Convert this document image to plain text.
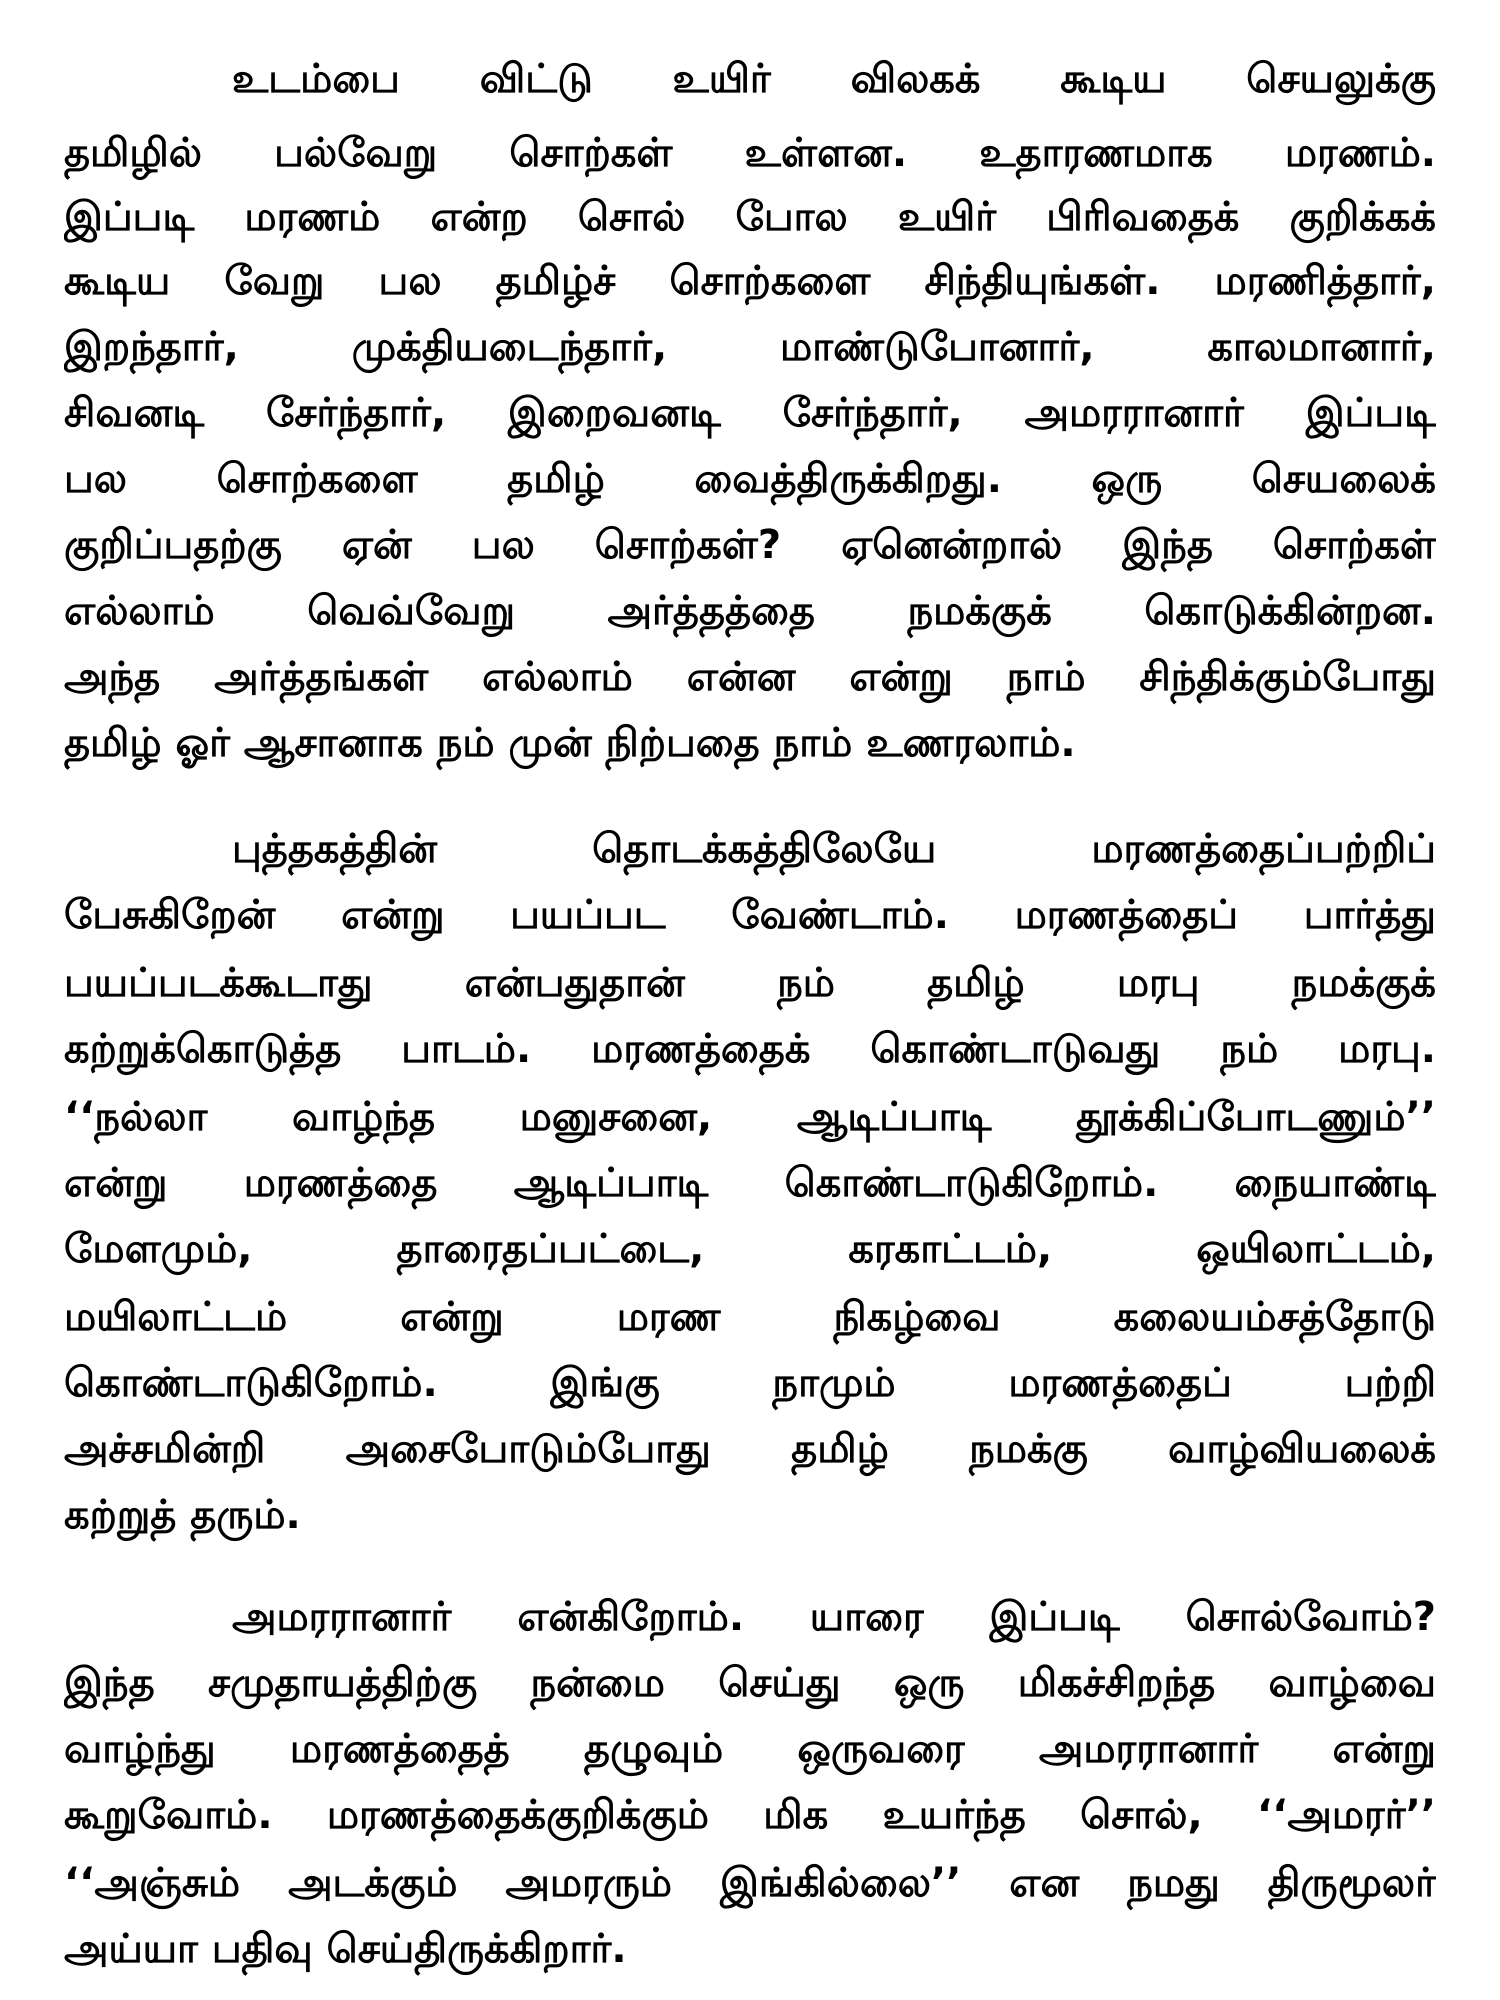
உடம்பை விட்டு உயிர் விலகக் கூடிய செயலுக்கு
தமிழில் பல்வேறு சொற்கள் உள்ளன. உதாரணமாக மரணம்.
இப்படி மரணம் என்ற சொல் போல உயிர் பிரிவதைக் குறிக்கக்
கூடிய வேறு பல தமிழ்ச் சொற்களை சிந்தியுங்கள். மரணித்தார்,
இறந்தார், முக்தியடைந்தார், மாண்டுபோனார், காலமானார்,
சிவனடி சேர்ந்தார், இறைவனடி சேர்ந்தார், அமரரானார் இப்படி
பல சொற்களை தமிழ் வைத்திருக்கிறது. ஒரு செயலைக்
குறிப்பதற்கு ஏன் பல சொற்கள்? ஏனென்றால் இந்த சொற்கள்
எல்லாம் வெவ்வேறு அர்த்தத்தை நமக்குக் கொடுக்கின்றன.
அந்த அர்த்தங்கள் எல்லாம் என்ன என்று நாம் சிந்திக்கும்போது
தமிழ் ஓர் ஆசானாக நம் முன் நிற்பதை நாம் உணரலாம்.
புத்தகத்தின் தொடக்கத்திலேயே மரணத்தைப்பற்றிப்
பேசுகிறேன் என்று பயப்பட வேண்டாம். மரணத்தைப் பார்த்து
பயப்படக்கூடாது என்பதுதான் நம் தமிழ் மரபு நமக்குக்
கற்றுக்கொடுத்த பாடம். மரணத்தைக் கொண்டாடுவது நம் மரபு.
‘‘நல்லா வாழ்ந்த மனுசனை, ஆடிப்பாடி தூக்கிப்போடணும்’’
என்று மரணத்தை ஆடிப்பாடி கொண்டாடுகிறோம். நையாண்டி
மேளமும், தாரைதப்பட்டை, கரகாட்டம், ஒயிலாட்டம்,
மயிலாட்டம் என்று மரண நிகழ்வை கலையம்சத்தோடு
கொண்டாடுகிறோம். இங்கு நாமும் மரணத்தைப் பற்றி
அச்சமின்றி அசைபோடும்போது தமிழ் நமக்கு வாழ்வியலைக்
கற்றுத் தரும்.
அமரரானார் என்கிறோம். யாரை இப்படி சொல்வோம்?
இந்த சமுதாயத்திற்கு நன்மை செய்து ஒரு மிகச்சிறந்த வாழ்வை
வாழ்ந்து மரணத்தைத் தழுவும் ஒருவரை அமரரானார் என்று
கூறுவோம். மரணத்தைக்குறிக்கும் மிக உயர்ந்த சொல், ‘‘அமரர்’’
‘‘அஞ்சும் அடக்கும் அமரரும் இங்கில்லை’’ என நமது திருமூலர்
அய்யா பதிவு செய்திருக்கிறார்.
